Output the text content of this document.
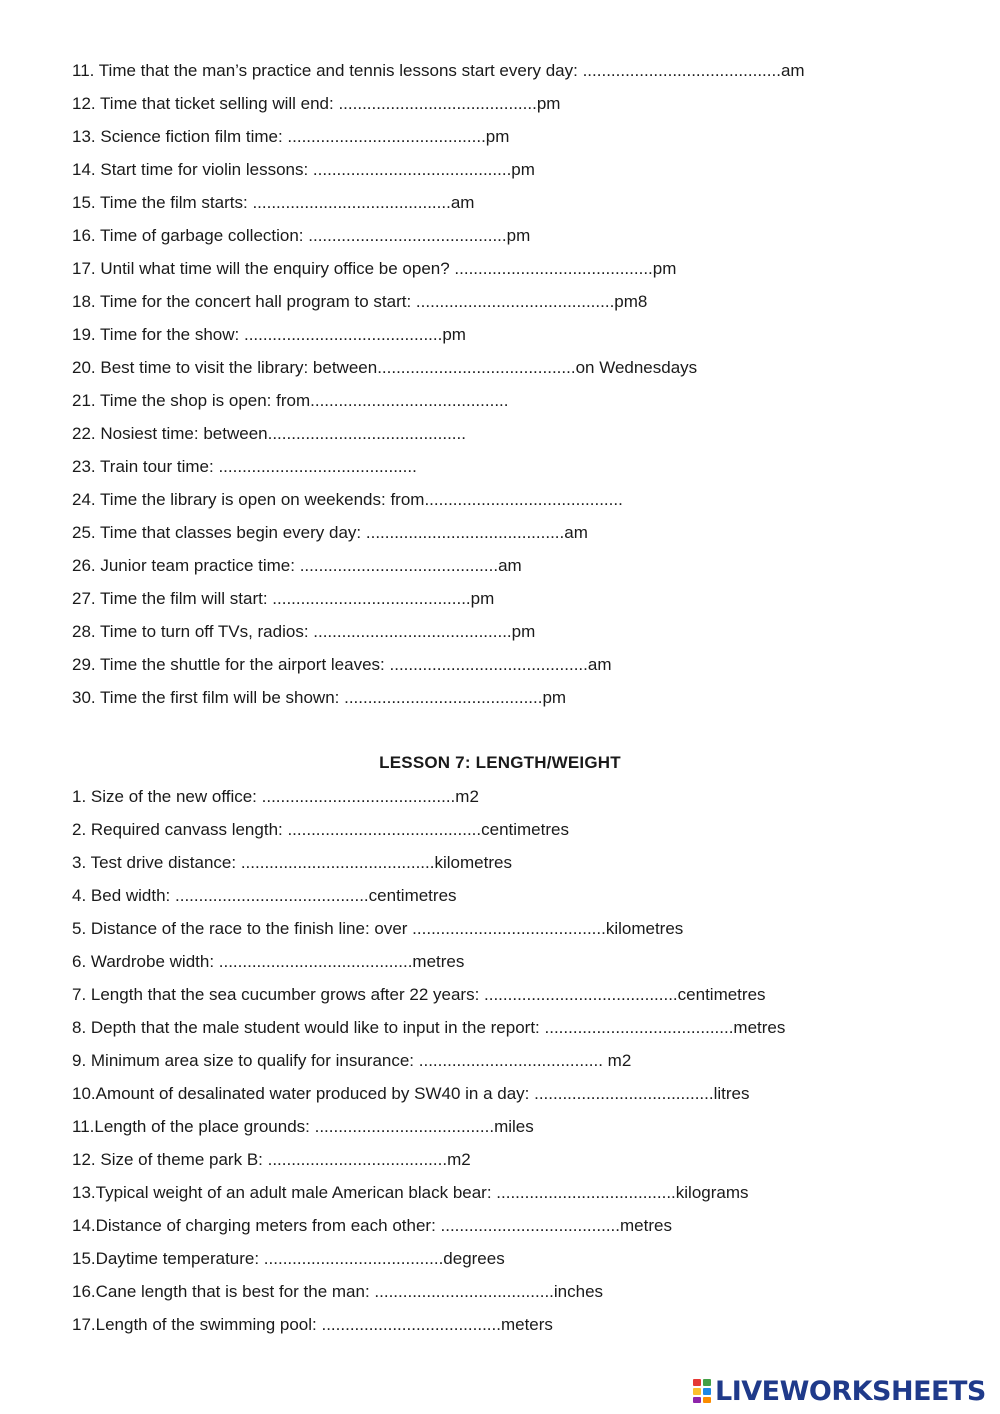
11. Time that the man’s practice and tennis lessons start every day: ..........................................am
12. Time that ticket selling will end: ..........................................pm
13. Science fiction film time: ..........................................pm
14. Start time for violin lessons: ..........................................pm
15. Time the film starts: ..........................................am
16. Time of garbage collection: ..........................................pm
17. Until what time will the enquiry office be open? ..........................................pm
18. Time for the concert hall program to start: ..........................................pm8
19. Time for the show: ..........................................pm
20. Best time to visit the library: between..........................................on Wednesdays
21. Time the shop is open: from..........................................
22. Nosiest time: between..........................................
23. Train tour time: ..........................................
24. Time the library is open on weekends: from..........................................
25. Time that classes begin every day: ..........................................am
26. Junior team practice time: ..........................................am
27. Time the film will start: ..........................................pm
28. Time to turn off TVs, radios: ..........................................pm
29. Time the shuttle for the airport leaves: ..........................................am
30. Time the first film will be shown: ..........................................pm
LESSON 7: LENGTH/WEIGHT
1. Size of the new office: .........................................m2
2. Required canvass length: .........................................centimetres
3. Test drive distance: .........................................kilometres
4. Bed width: .........................................centimetres
5. Distance of the race to the finish line: over .........................................kilometres
6. Wardrobe width: .........................................metres
7. Length that the sea cucumber grows after 22 years: .........................................centimetres
8. Depth that the male student would like to input in the report: ........................................metres
9. Minimum area size to qualify for insurance: ....................................... m2
10.Amount of desalinated water produced by SW40 in a day: ......................................litres
11.Length of the place grounds: ......................................miles
12. Size of theme park B: ......................................m2
13.Typical weight of an adult male American black bear: ......................................kilograms
14.Distance of charging meters from each other: ......................................metres
15.Daytime temperature: ......................................degrees
16.Cane length that is best for the man: ......................................inches
17.Length of the swimming pool: ......................................meters
LIVEWORKSHEETS
